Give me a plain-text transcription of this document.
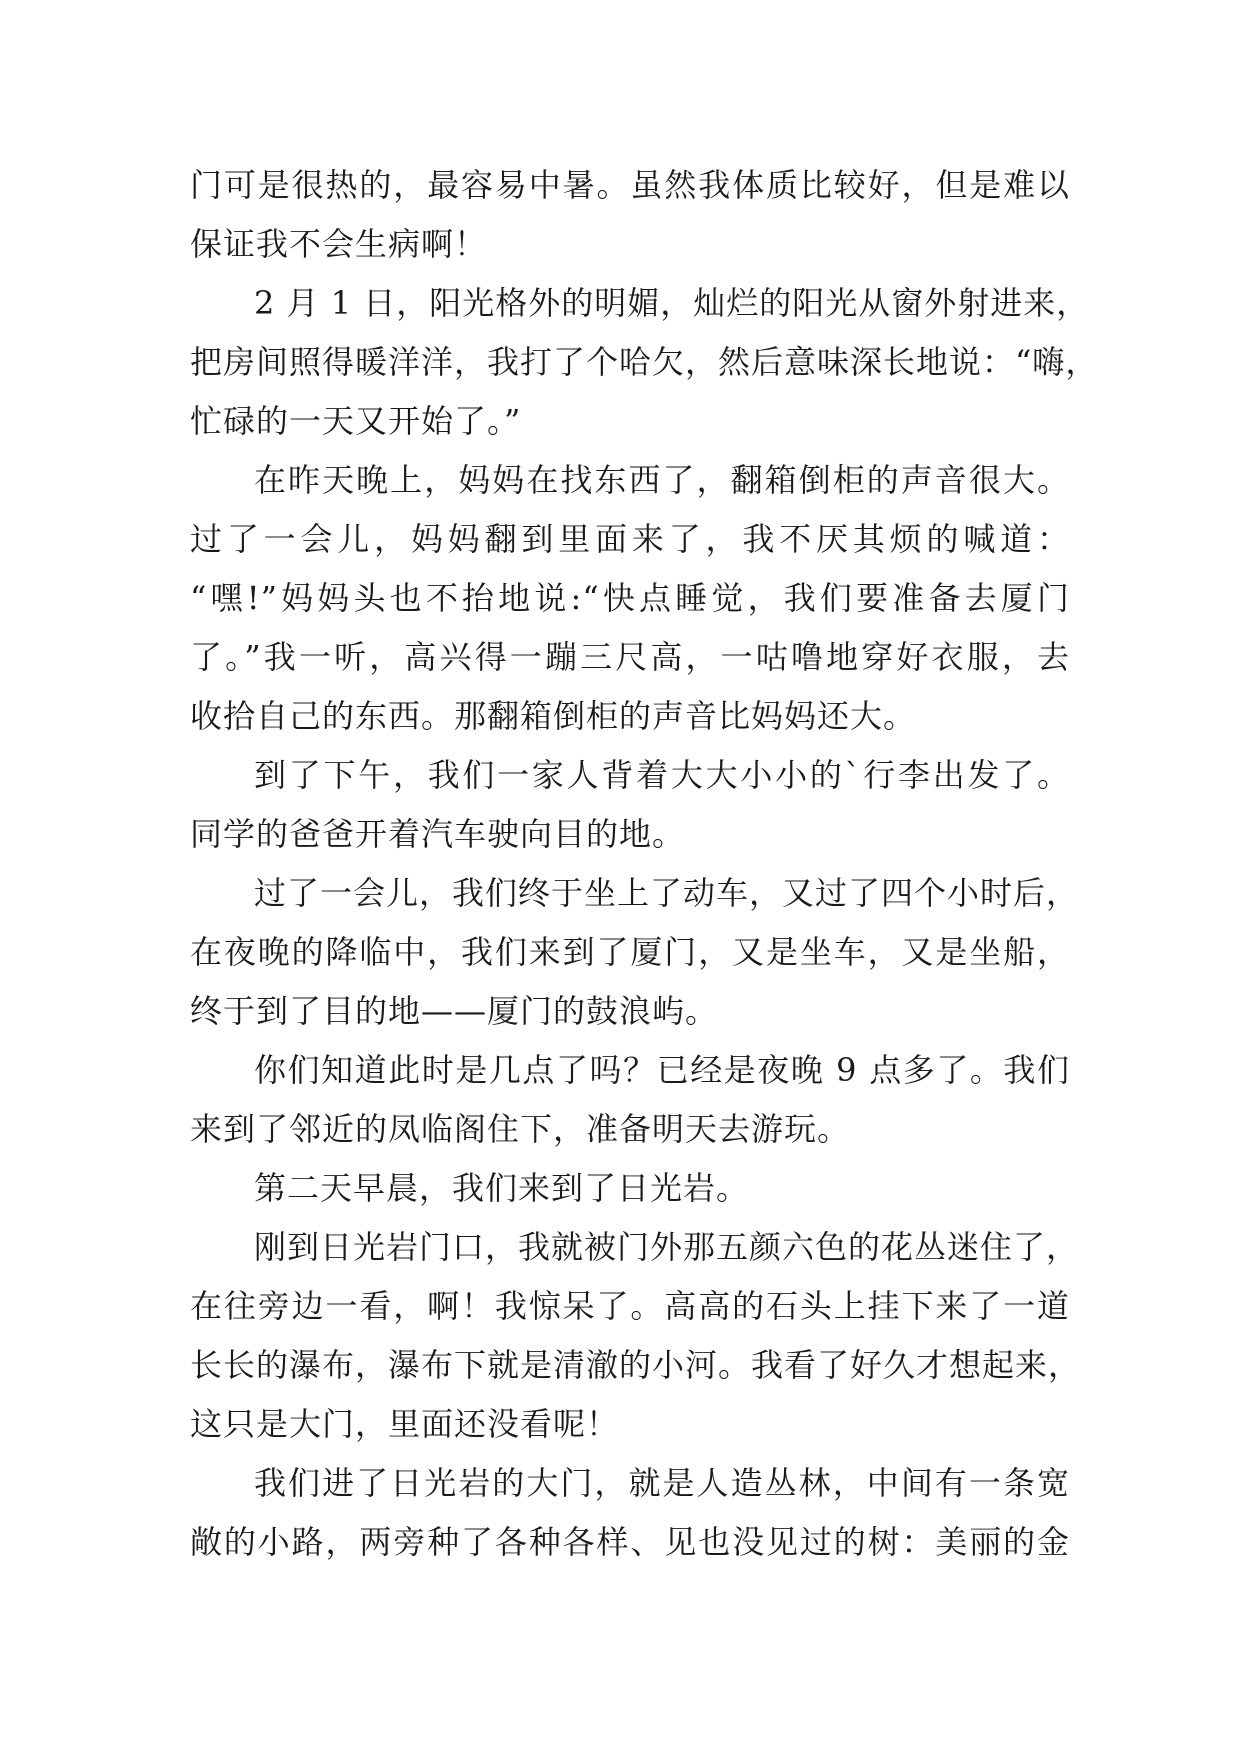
门可是很热的，最容易中暑。虽然我体质比较好，但是难以
保证我不会生病啊！
2 月 1 日，阳光格外的明媚，灿烂的阳光从窗外射进来，
把房间照得暖洋洋，我打了个哈欠，然后意味深长地说：“嗨，
忙碌的一天又开始了。”
在昨天晚上，妈妈在找东西了，翻箱倒柜的声音很大。
过了一会儿，妈妈翻到里面来了，我不厌其烦的喊道：
“嘿!”妈妈头也不抬地说:“快点睡觉，我们要准备去厦门
了。”我一听，高兴得一蹦三尺高，一咕噜地穿好衣服，去
收拾自己的东西。那翻箱倒柜的声音比妈妈还大。
到了下午，我们一家人背着大大小小的`行李出发了。
同学的爸爸开着汽车驶向目的地。
过了一会儿，我们终于坐上了动车，又过了四个小时后，
在夜晚的降临中，我们来到了厦门，又是坐车，又是坐船，
终于到了目的地——厦门的鼓浪屿。
你们知道此时是几点了吗？已经是夜晚 9 点多了。我们
来到了邻近的凤临阁住下，准备明天去游玩。
第二天早晨，我们来到了日光岩。
刚到日光岩门口，我就被门外那五颜六色的花丛迷住了，
在往旁边一看，啊！我惊呆了。高高的石头上挂下来了一道
长长的瀑布，瀑布下就是清澈的小河。我看了好久才想起来，
这只是大门，里面还没看呢！
我们进了日光岩的大门，就是人造丛林，中间有一条宽
敞的小路，两旁种了各种各样、见也没见过的树：美丽的金
